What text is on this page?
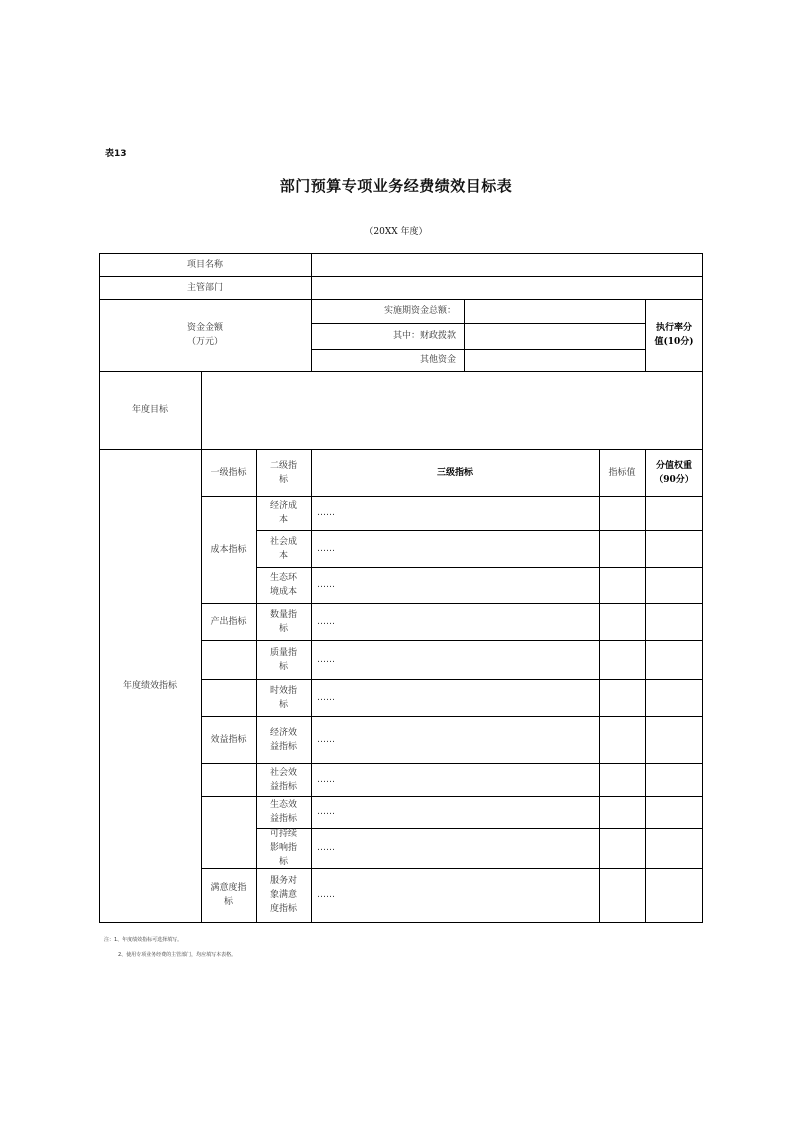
表13
部门预算专项业务经费绩效目标表
（20XX 年度）
项目名称
主管部门
资金金额
（万元）
实施期资金总额：
其中：财政拨款
其他资金
执行率分值(10分)
年度目标
年度绩效指标
一级指标
二级指标
三级指标	指标值
分值权重（90分）
成本指标
产出指标
效益指标
满意度指标
经济成本
社会成本
生态环境成本
数量指标
质量指标
时效指标
经济效益指标
社会效益指标
生态效益指标
可持续影响指标
服务对象满意度指标
……
……
……
……
……
……
……
……
……
……
……
注：1、年度绩效指标可选择填写。
2、使用专项业务经费的主管部门，均应填写本表格。
